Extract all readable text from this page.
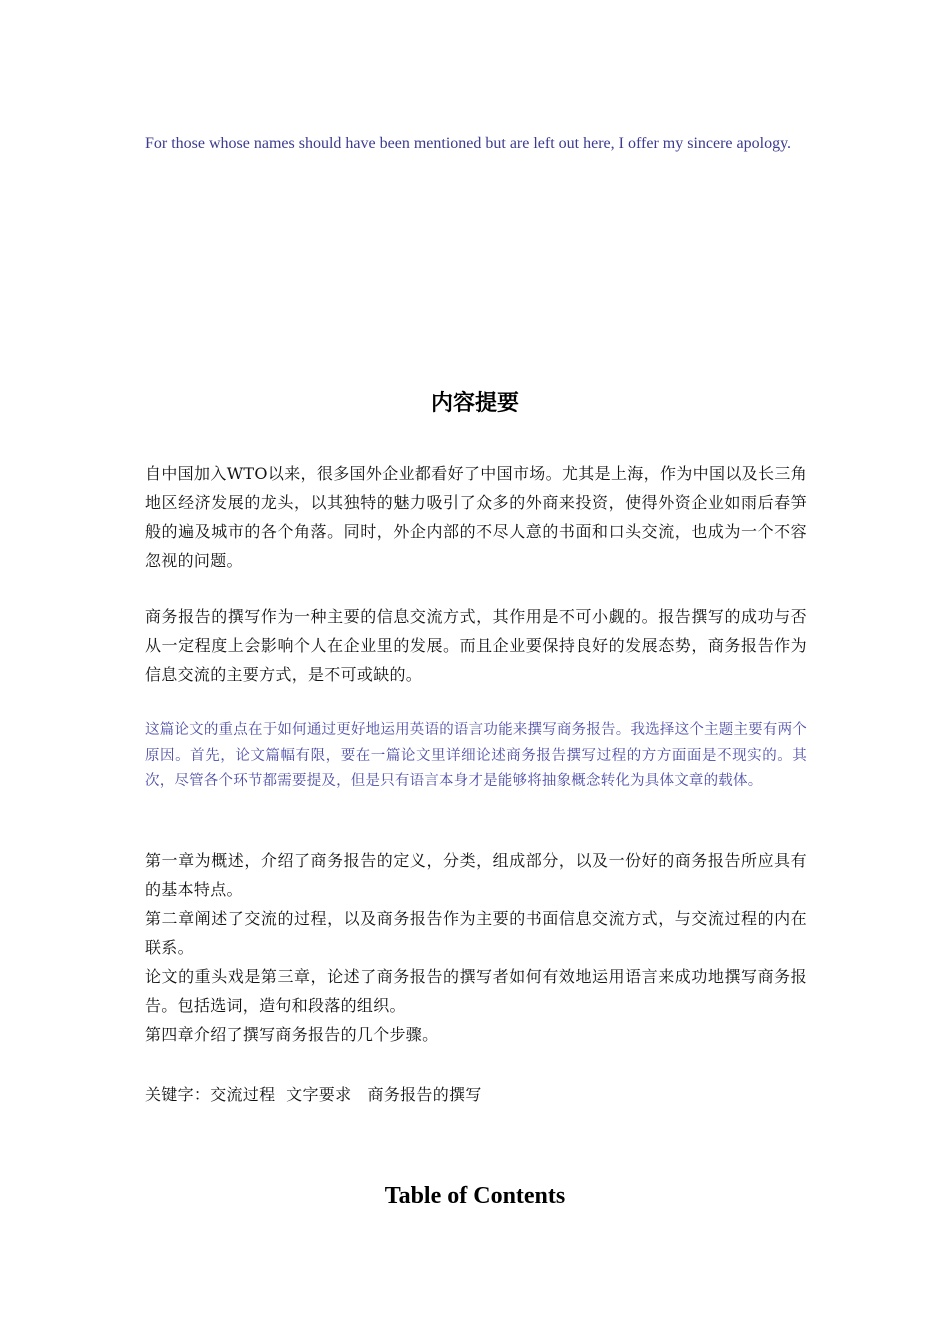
For those whose names should have been mentioned but are left out here, I offer my sincere apology.

内容提要

自中国加入WTO以来，很多国外企业都看好了中国市场。尤其是上海，作为中国以及长三角地区经济发展的龙头，以其独特的魅力吸引了众多的外商来投资，使得外资企业如雨后春笋般的遍及城市的各个角落。同时，外企内部的不尽人意的书面和口头交流，也成为一个不容忽视的问题。

商务报告的撰写作为一种主要的信息交流方式，其作用是不可小觑的。报告撰写的成功与否从一定程度上会影响个人在企业里的发展。而且企业要保持良好的发展态势，商务报告作为信息交流的主要方式，是不可或缺的。

这篇论文的重点在于如何通过更好地运用英语的语言功能来撰写商务报告。我选择这个主题主要有两个原因。首先，论文篇幅有限，要在一篇论文里详细论述商务报告撰写过程的方方面面是不现实的。其次，尽管各个环节都需要提及，但是只有语言本身才是能够将抽象概念转化为具体文章的载体。

第一章为概述，介绍了商务报告的定义，分类，组成部分，以及一份好的商务报告所应具有的基本特点。

第二章阐述了交流的过程，以及商务报告作为主要的书面信息交流方式，与交流过程的内在联系。

论文的重头戏是第三章，论述了商务报告的撰写者如何有效地运用语言来成功地撰写商务报告。包括选词，造句和段落的组织。

第四章介绍了撰写商务报告的几个步骤。

关键字：交流过程  文字要求   商务报告的撰写

Table of Contents
